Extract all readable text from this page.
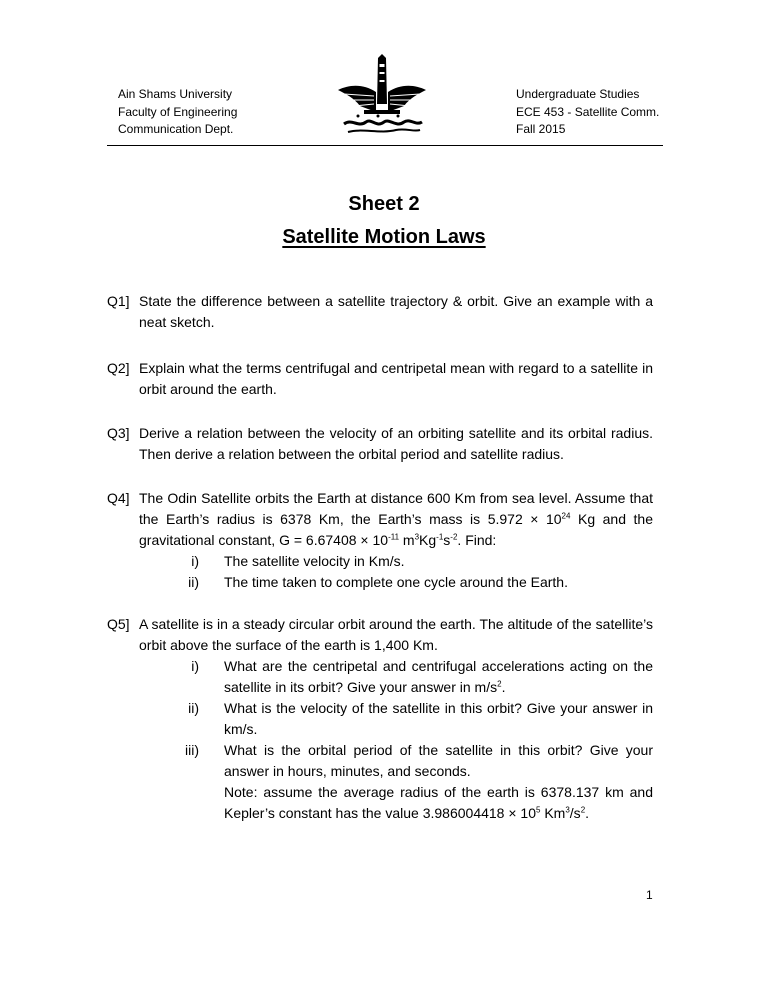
Ain Shams University
Faculty of Engineering
Communication Dept.
Undergraduate Studies
ECE 453 - Satellite Comm.
Fall 2015
Sheet 2
Satellite Motion Laws
Q1] State the difference between a satellite trajectory & orbit. Give an example with a neat sketch.

Q2] Explain what the terms centrifugal and centripetal mean with regard to a satellite in orbit around the earth.

Q3] Derive a relation between the velocity of an orbiting satellite and its orbital radius. Then derive a relation between the orbital period and satellite radius.

Q4] The Odin Satellite orbits the Earth at distance 600 Km from sea level. Assume that the Earth’s radius is 6378 Km, the Earth’s mass is $5.972 \times 10^{24}$ Kg and the gravitational constant, $G = 6.67408 \times 10^{-11}$ $m^3Kg^{-1}s^{-2}$. Find:

i) The satellite velocity in Km/s.
ii) The time taken to complete one cycle around the Earth.
Q5] A satellite is in a steady circular orbit around the earth. The altitude of the satellite’s orbit above the surface of the earth is 1,400 Km.

i) What are the centripetal and centrifugal accelerations acting on the satellite in its orbit? Give your answer in $m/s^2$.
ii) What is the velocity of the satellite in this orbit? Give your answer in km/s.
iii) What is the orbital period of the satellite in this orbit? Give your answer in hours, minutes, and seconds.
Note: assume the average radius of the earth is 6378.137 km and Kepler’s constant has the value $3.986004418 \times 10^5$ $Km^3/s^2$.
1
